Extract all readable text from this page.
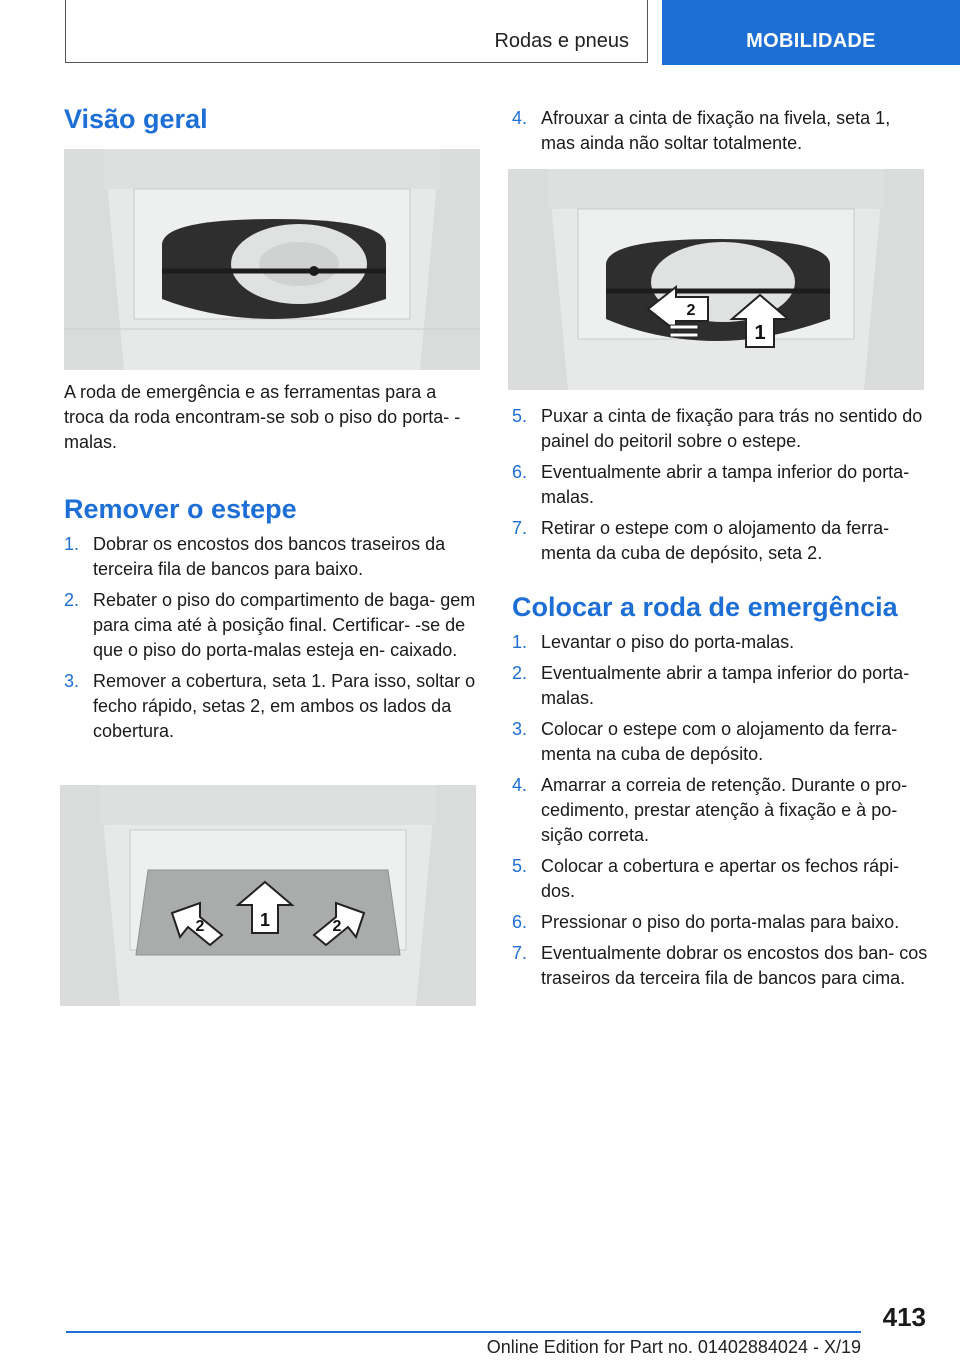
Rodas e pneus	MOBILIDADE
Visão geral

A roda de emergência e as ferramentas para a troca da roda encontram-se sob o piso do porta- -malas.

Remover o estepe
1. Dobrar os encostos dos bancos traseiros da terceira fila de bancos para baixo.
2. Rebater o piso do compartimento de baga- gem para cima até à posição final. Certificar- -se de que o piso do porta-malas esteja en- caixado.
3. Remover a cobertura, seta 1. Para isso, soltar o fecho rápido, setas 2, em ambos os lados da cobertura.
1
2	2
4. Afrouxar a cinta de fixação na fivela, seta 1, mas ainda não soltar totalmente.
1
2
5. Puxar a cinta de fixação para trás no sentido do painel do peitoril sobre o estepe.
6. Eventualmente abrir a tampa inferior do porta-malas.
7. Retirar o estepe com o alojamento da ferra- menta da cuba de depósito, seta 2.
Colocar a roda de emergência
1. Levantar o piso do porta-malas.
2. Eventualmente abrir a tampa inferior do porta-malas.
3. Colocar o estepe com o alojamento da ferra- menta na cuba de depósito.
4. Amarrar a correia de retenção. Durante o pro- cedimento, prestar atenção à fixação e à po- sição correta.
5. Colocar a cobertura e apertar os fechos rápi- dos.
6. Pressionar o piso do porta-malas para baixo.
7. Eventualmente dobrar os encostos dos ban- cos traseiros da terceira fila de bancos para cima.
413
Online Edition for Part no. 01402884024 - X/19
